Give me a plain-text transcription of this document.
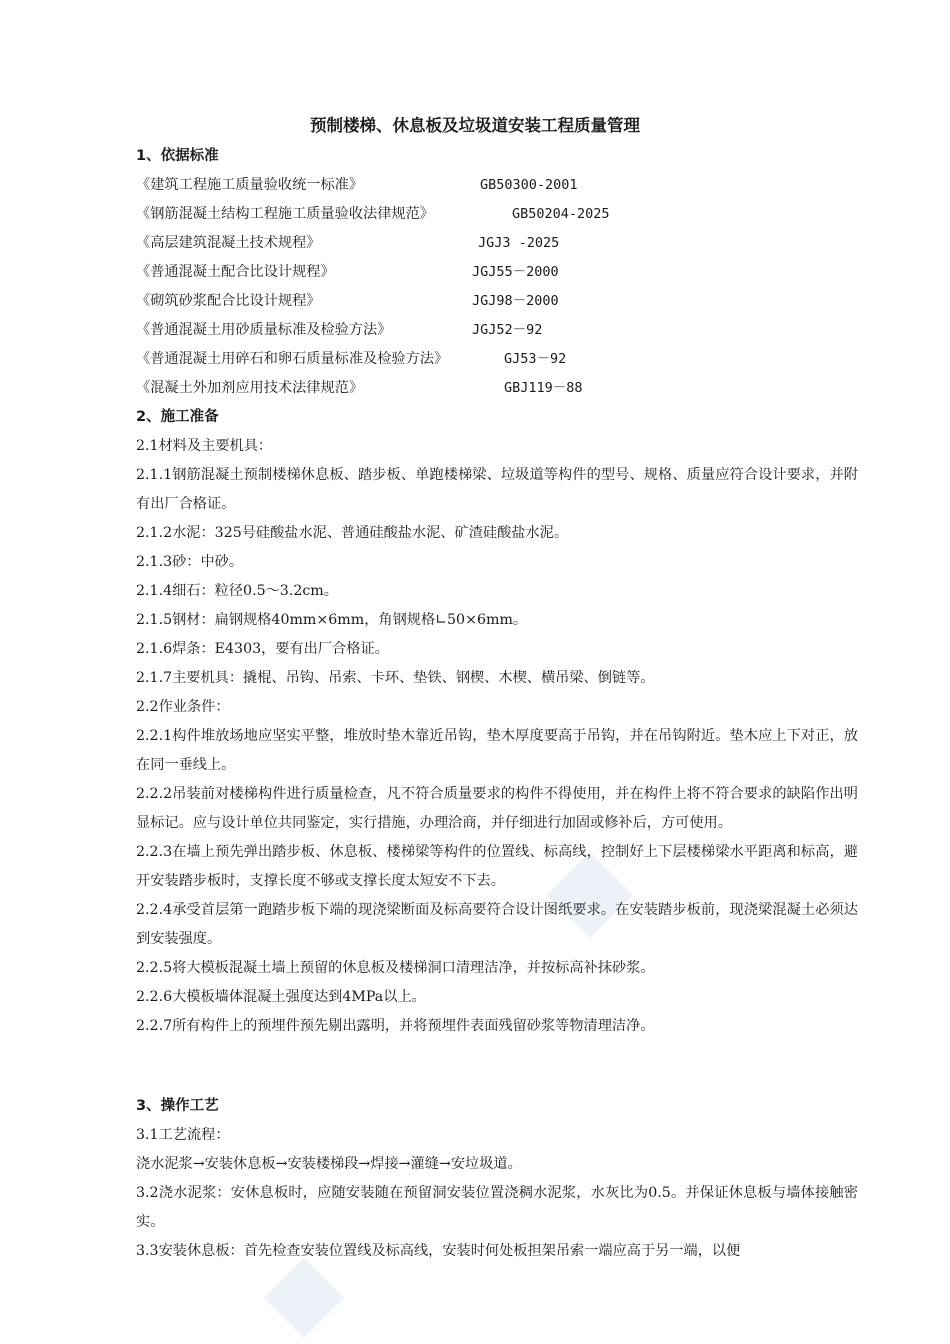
预制楼梯、休息板及垃圾道安装工程质量管理
1、依据标准
《建筑工程施工质量验收统一标准》	GB50300-2001
《钢筋混凝土结构工程施工质量验收法律规范》	GB50204-2025
《高层建筑混凝土技术规程》	JGJ3 -2025
《普通混凝土配合比设计规程》	JGJ55－2000
《砌筑砂浆配合比设计规程》	JGJ98－2000
《普通混凝土用砂质量标准及检验方法》	JGJ52－92
《普通混凝土用碎石和卵石质量标准及检验方法》	GJ53－92
《混凝土外加剂应用技术法律规范》	GBJ119－88
2、施工准备
2.1材料及主要机具：
2.1.1钢筋混凝土预制楼梯休息板、踏步板、单跑楼梯梁、垃圾道等构件的型号、规格、质量应符合设计要求，并附有出厂合格证。
2.1.2水泥：325号硅酸盐水泥、普通硅酸盐水泥、矿渣硅酸盐水泥。
2.1.3砂：中砂。
2.1.4细石：粒径0.5～3.2cm。
2.1.5钢材：扁钢规格40mm×6mm，角钢规格∟50×6mm。
2.1.6焊条：E4303，要有出厂合格证。
2.1.7主要机具：撬棍、吊钩、吊索、卡环、垫铁、钢楔、木楔、横吊梁、倒链等。
2.2作业条件：
2.2.1构件堆放场地应坚实平整，堆放时垫木靠近吊钩，垫木厚度要高于吊钩，并在吊钩附近。垫木应上下对正，放在同一垂线上。
2.2.2吊装前对楼梯构件进行质量检查，凡不符合质量要求的构件不得使用，并在构件上将不符合要求的缺陷作出明显标记。应与设计单位共同鉴定，实行措施，办理洽商，并仔细进行加固或修补后，方可使用。
2.2.3在墙上预先弹出踏步板、休息板、楼梯梁等构件的位置线、标高线，控制好上下层楼梯梁水平距离和标高，避开安装踏步板时，支撑长度不够或支撑长度太短安不下去。
2.2.4承受首层第一跑踏步板下端的现浇梁断面及标高要符合设计图纸要求。在安装踏步板前，现浇梁混凝土必须达到安装强度。
2.2.5将大模板混凝土墙上预留的休息板及楼梯洞口清理洁净，并按标高补抹砂浆。
2.2.6大模板墙体混凝土强度达到4MPa以上。
2.2.7所有构件上的预埋件预先剔出露明，并将预埋件表面残留砂浆等物清理洁净。
3、操作工艺
3.1工艺流程：
浇水泥浆→安装休息板→安装楼梯段→焊接→灌缝→安垃圾道。
3.2浇水泥浆：安休息板时，应随安装随在预留洞安装位置浇稠水泥浆，水灰比为0.5。并保证休息板与墙体接触密实。
3.3安装休息板：首先检查安装位置线及标高线，安装时何处板担架吊索一端应高于另一端，以便
